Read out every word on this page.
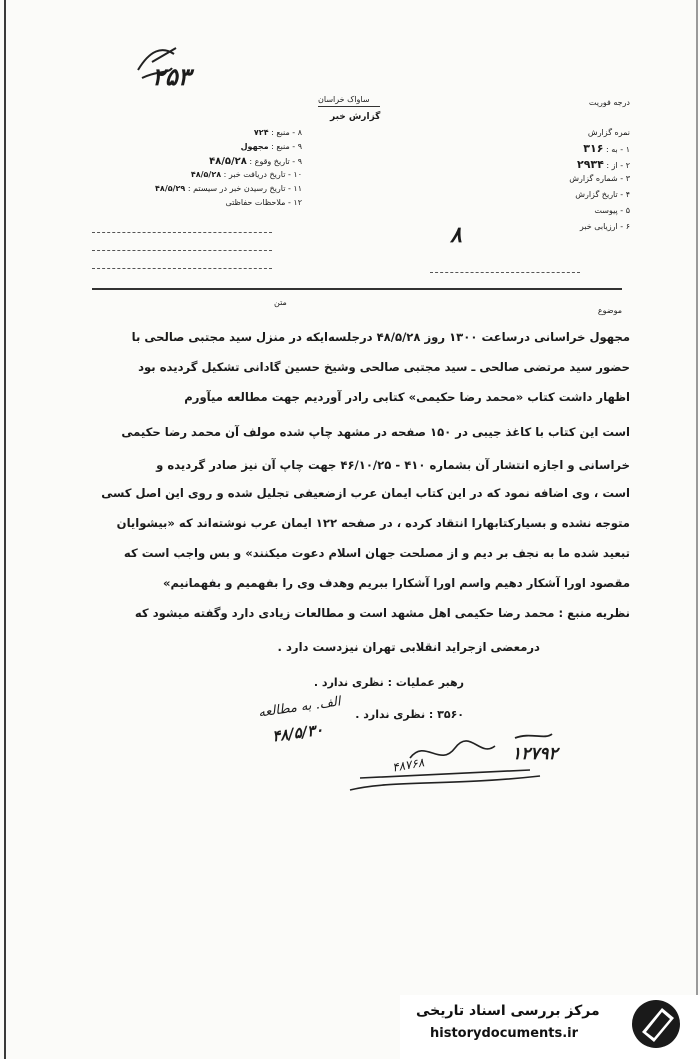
۲۵۳
درجه فوریت
ساواک خراسان
گزارش خبر
۸ - منبع : ۷۲۴
۹ - منبع : مجهول
۹ - تاریخ وقوع : ۴۸/۵/۲۸
۱۰ - تاریخ دریافت خبر : ۴۸/۵/۲۸
۱۱ - تاریخ رسیدن خبر در سیستم : ۴۸/۵/۲۹
۱۲ - ملاحظات حفاظتی
نمره گزارش
۱ - به : ۳۱۶
۲ - از : ۲۹۳۴
۳ - شماره گزارش
۴ - تاریخ گزارش
۵ - پیوست
۶ - ارزیابی خبر
۸
موضوع
متن
مجهول خراسانی درساعت ۱۳۰۰ روز ۴۸/۵/۲۸ درجلسه‌ایکه در منزل سید مجتبی صالحی با
حضور سید مرتضی صالحی ـ سید مجتبی صالحی وشیخ حسین گادانی تشکیل گردیده بود
اظهار داشت کتاب «محمد رضا حکیمی» کتابی رادر آوردیم جهت مطالعه میآورم
است این کتاب با کاغذ جیبی در ۱۵۰ صفحه در مشهد چاپ شده مولف آن محمد رضا حکیمی
خراسانی و اجازه انتشار آن بشماره ۴۱۰ - ۴۶/۱۰/۲۵ جهت چاپ آن نیز صادر گردیده و
است ، وی اضافه نمود که در این کتاب ایمان عرب ازضعیفی تجلیل شده و روی این اصل کسی
متوجه نشده و بسیارکتابهارا انتقاد کرده ، در صفحه ۱۲۲ ایمان عرب نوشته‌اند که «بیشوایان
تبعید شده ما به نجف بر دیم و از مصلحت جهان اسلام دعوت میکنند» و بس واجب است که
مقصود اورا آشکار دهیم واسم اورا آشکارا ببریم وهدف وی را بفهمیم و بفهمانیم»
نظریه منبع : محمد رضا حکیمی اهل مشهد است و مطالعات زیادی دارد وگفته میشود که
درمعضی ازجراید انقلابی تهران نیزدست دارد .
رهبر عملیات : نظری ندارد .
۳۵۶۰ : نظری ندارد .
الف. به مطالعه
۴۸/۵/۳۰
۱۲۷۹۲
۴۸۷۶۸
مرکز بررسی اسناد تاریخی
historydocuments.ir
